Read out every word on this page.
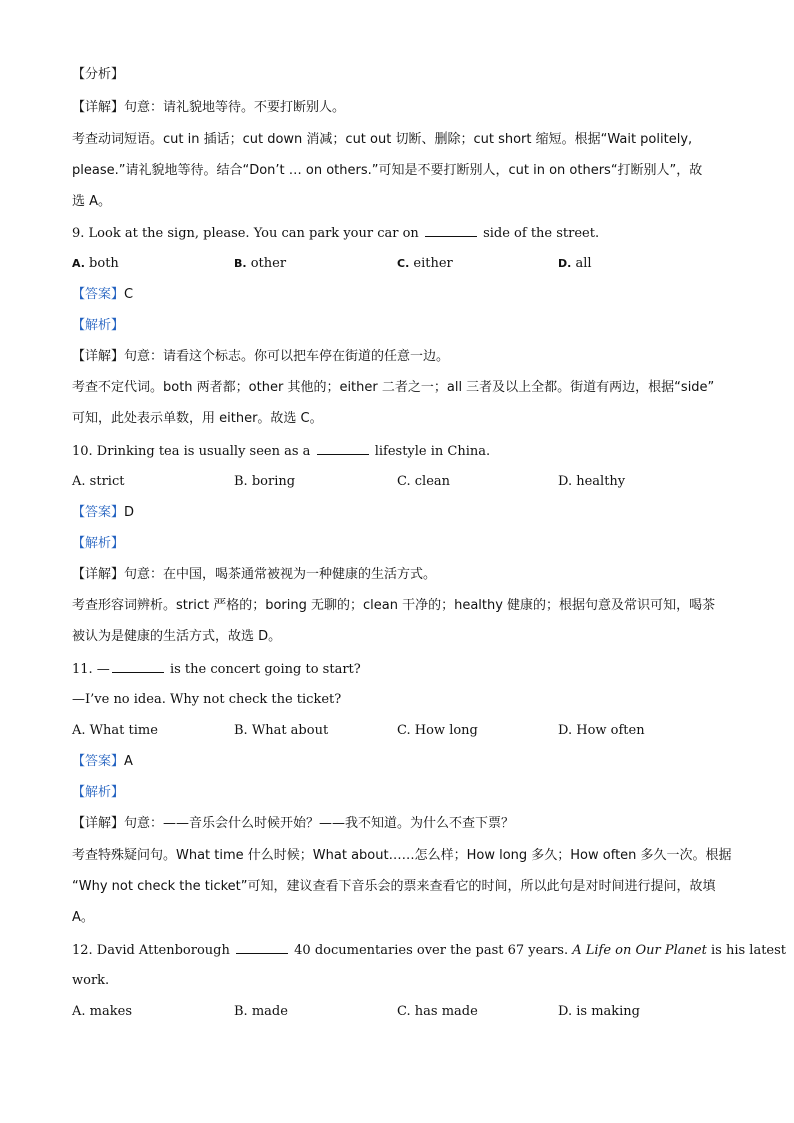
【分析】
【详解】句意：请礼貌地等待。不要打断别人。
考查动词短语。cut in 插话；cut down 消减；cut out 切断、删除；cut short 缩短。根据“Wait politely,
please.”请礼貌地等待。结合“Don’t … on others.”可知是不要打断别人，cut in on others“打断别人”，故
选 A。
9. Look at the sign, please. You can park your car on	side of the street.
A. both	B. other	C. either	D. all
【答案】C
【解析】
【详解】句意：请看这个标志。你可以把车停在街道的任意一边。
考查不定代词。both 两者都；other 其他的；either 二者之一；all 三者及以上全都。街道有两边，根据“side”
可知，此处表示单数，用 either。故选 C。
10. Drinking tea is usually seen as a	lifestyle in China.
A. strict	B. boring	C. clean	D. healthy
【答案】D
【解析】
【详解】句意：在中国，喝茶通常被视为一种健康的生活方式。
考查形容词辨析。strict 严格的；boring 无聊的；clean 干净的；healthy 健康的；根据句意及常识可知，喝茶
被认为是健康的生活方式，故选 D。
11. —	is the concert going to start?
—I’ve no idea. Why not check the ticket?
A. What time	B. What about	C. How long	D. How often
【答案】A
【解析】
【详解】句意：——音乐会什么时候开始？——我不知道。为什么不查下票？
考查特殊疑问句。What time 什么时候；What about……怎么样；How long 多久；How often 多久一次。根据
“Why not check the ticket”可知，建议查看下音乐会的票来查看它的时间，所以此句是对时间进行提问，故填
A。
12. David Attenborough	40 documentaries over the past 67 years. A Life on Our Planet is his latest
work.
A. makes	B. made	C. has made	D. is making
